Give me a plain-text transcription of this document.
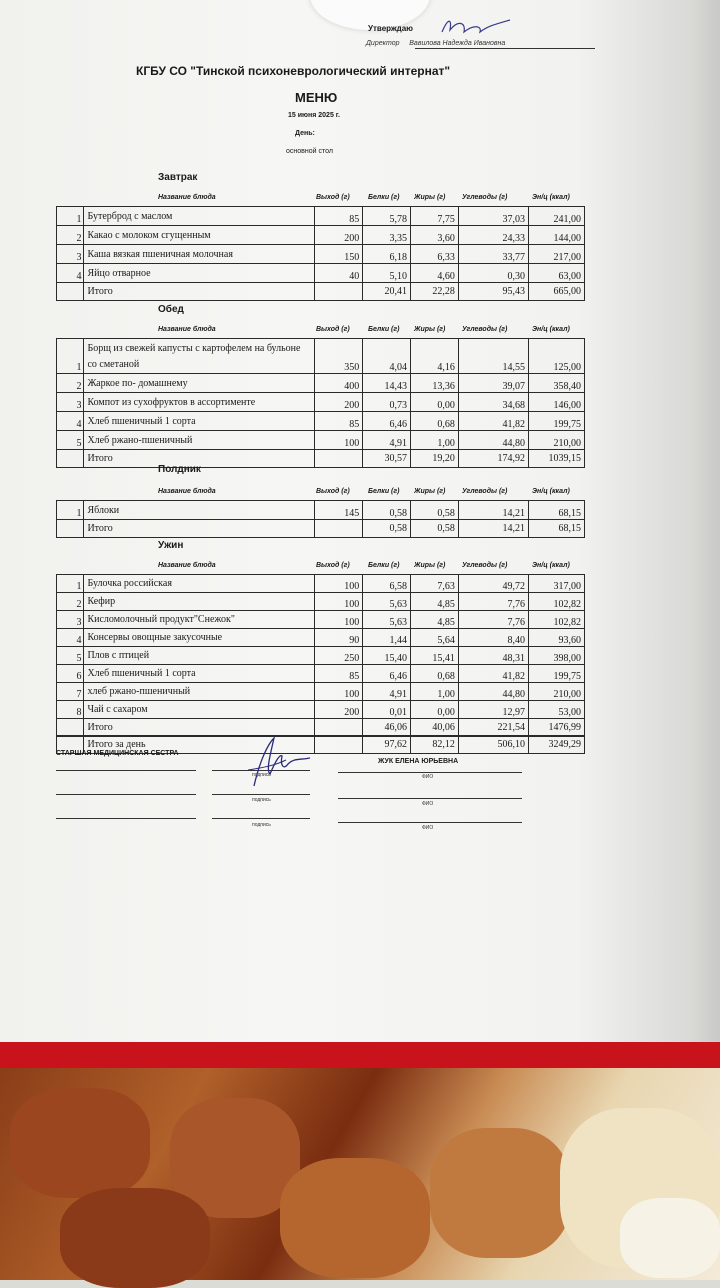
Утверждаю
Директор Вавилова Надежда Ивановна
КГБУ СО "Тинской психоневрологический интернат"
МЕНЮ
15 июня 2025 г.
День:
основной стол
Завтрак
Название блюда	Выход (г)	Белки (г) Жиры (г) Углеводы (г)	Эн/ц (ккал)
1	Бутерброд с маслом	85	5,78	7,75	37,03	241,00
2	Какао с молоком сгущенным	200	3,35	3,60	24,33	144,00
3	Каша вязкая пшеничная молочная	150	6,18	6,33	33,77	217,00
4	Яйцо отварное	40	5,10	4,60	0,30	63,00
	Итого		20,41	22,28	95,43	665,00
Обед
Название блюда	Выход (г)	Белки (г) Жиры (г) Углеводы (г)	Эн/ц (ккал)
1	Борщ из свежей капусты с картофелем на бульоне со сметаной	350	4,04	4,16	14,55	125,00
2	Жаркое по- домашнему	400	14,43	13,36	39,07	358,40
3	Компот из сухофруктов в ассортименте	200	0,73	0,00	34,68	146,00
4	Хлеб пшеничный 1 сорта	85	6,46	0,68	41,82	199,75
5	Хлеб ржано-пшеничный	100	4,91	1,00	44,80	210,00
	Итого		30,57	19,20	174,92	1039,15
Полдник
Название блюда	Выход (г)	Белки (г) Жиры (г) Углеводы (г)	Эн/ц (ккал)
1	Яблоки	145	0,58	0,58	14,21	68,15
	Итого		0,58	0,58	14,21	68,15
Ужин
Название блюда	Выход (г)	Белки (г) Жиры (г) Углеводы (г)	Эн/ц (ккал)
1	Булочка российская	100	6,58	7,63	49,72	317,00
2	Кефир	100	5,63	4,85	7,76	102,82
3	Кисломолочный продукт"Снежок"	100	5,63	4,85	7,76	102,82
4	Консервы овощные закусочные	90	1,44	5,64	8,40	93,60
5	Плов с птицей	250	15,40	15,41	48,31	398,00
6	Хлеб пшеничный 1 сорта	85	6,46	0,68	41,82	199,75
7	хлеб ржано-пшеничный	100	4,91	1,00	44,80	210,00
8	Чай с сахаром	200	0,01	0,00	12,97	53,00
	Итого		46,06	40,06	221,54	1476,99
	Итого за день		97,62	82,12	506,10	3249,29
СТАРШАЯ МЕДИЦИНСКАЯ СЕСТРА
подпись
ЖУК ЕЛЕНА ЮРЬЕВНА
ФИО
подпись
ФИО
подпись	ФИО
